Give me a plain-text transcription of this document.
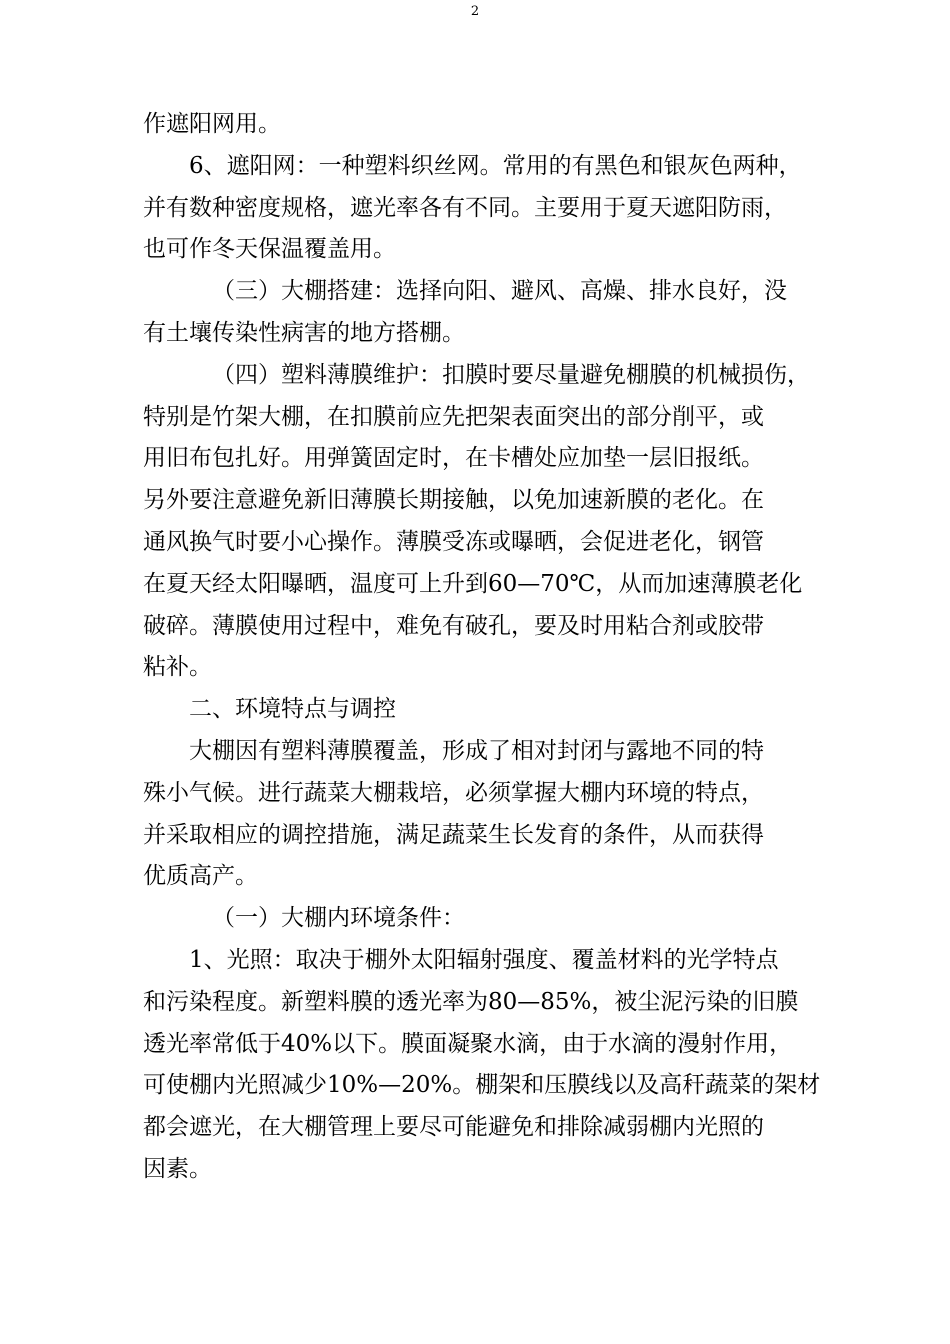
2
作遮阳网用。
6、遮阳网：一种塑料织丝网。常用的有黑色和银灰色两种，
并有数种密度规格，遮光率各有不同。主要用于夏天遮阳防雨，
也可作冬天保温覆盖用。
（三）大棚搭建：选择向阳、避风、高燥、排水良好，没
有土壤传染性病害的地方搭棚。
（四）塑料薄膜维护：扣膜时要尽量避免棚膜的机械损伤，
特别是竹架大棚，在扣膜前应先把架表面突出的部分削平，或
用旧布包扎好。用弹簧固定时，在卡槽处应加垫一层旧报纸。
另外要注意避免新旧薄膜长期接触，以免加速新膜的老化。在
通风换气时要小心操作。薄膜受冻或曝晒，会促进老化，钢管
在夏天经太阳曝晒，温度可上升到60—70℃，从而加速薄膜老化
破碎。薄膜使用过程中，难免有破孔，要及时用粘合剂或胶带
粘补。
二、环境特点与调控
大棚因有塑料薄膜覆盖，形成了相对封闭与露地不同的特
殊小气候。进行蔬菜大棚栽培，必须掌握大棚内环境的特点，
并采取相应的调控措施，满足蔬菜生长发育的条件，从而获得
优质高产。
（一）大棚内环境条件：
1、光照：取决于棚外太阳辐射强度、覆盖材料的光学特点
和污染程度。新塑料膜的透光率为80—85%，被尘泥污染的旧膜
透光率常低于40%以下。膜面凝聚水滴，由于水滴的漫射作用，
可使棚内光照减少10%—20%。棚架和压膜线以及高秆蔬菜的架材
都会遮光，在大棚管理上要尽可能避免和排除减弱棚内光照的
因素。
